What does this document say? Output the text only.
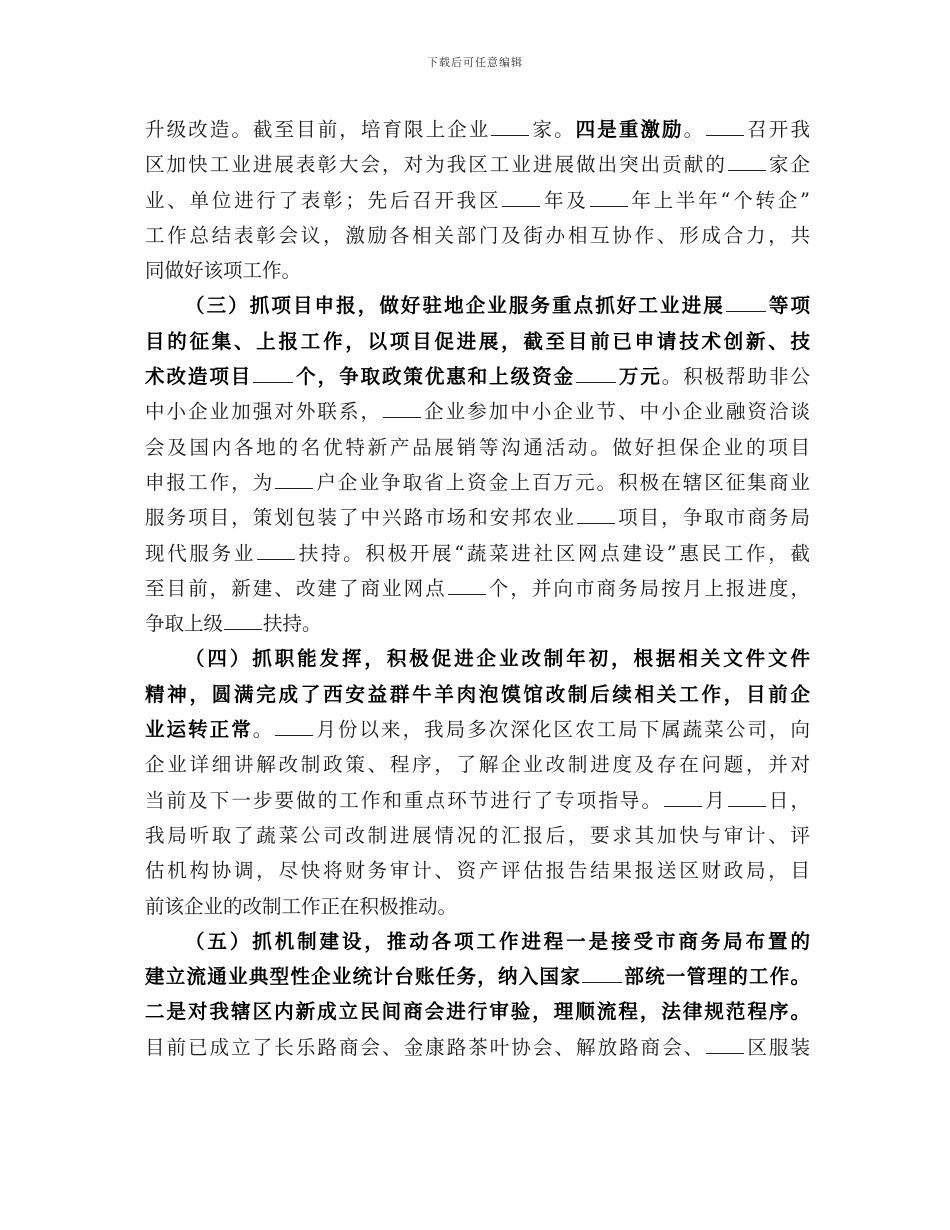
下载后可任意编辑
升级改造。截至目前，培育限上企业 家。四是重激励。 召开我
区加快工业进展表彰大会，对为我区工业进展做出突出贡献的 家企
业、单位进行了表彰；先后召开我区 年及 年上半年“个转企”
工作总结表彰会议，激励各相关部门及街办相互协作、形成合力，共
同做好该项工作。
（三）抓项目申报，做好驻地企业服务重点抓好工业进展 等项
目的征集、上报工作，以项目促进展，截至目前已申请技术创新、技
术改造项目 个，争取政策优惠和上级资金 万元。积极帮助非公
中小企业加强对外联系， 企业参加中小企业节、中小企业融资洽谈
会及国内各地的名优特新产品展销等沟通活动。做好担保企业的项目
申报工作，为 户企业争取省上资金上百万元。积极在辖区征集商业
服务项目，策划包装了中兴路市场和安邦农业 项目，争取市商务局
现代服务业 扶持。积极开展“蔬菜进社区网点建设”惠民工作，截
至目前，新建、改建了商业网点 个，并向市商务局按月上报进度，
争取上级 扶持。
（四）抓职能发挥，积极促进企业改制年初，根据相关文件文件
精神，圆满完成了西安益群牛羊肉泡馍馆改制后续相关工作，目前企
业运转正常。 月份以来，我局多次深化区农工局下属蔬菜公司，向
企业详细讲解改制政策、程序，了解企业改制进度及存在问题，并对
当前及下一步要做的工作和重点环节进行了专项指导。 月 日，
我局听取了蔬菜公司改制进展情况的汇报后，要求其加快与审计、评
估机构协调，尽快将财务审计、资产评估报告结果报送区财政局，目
前该企业的改制工作正在积极推动。
（五）抓机制建设，推动各项工作进程一是接受市商务局布置的
建立流通业典型性企业统计台账任务，纳入国家 部统一管理的工作。
二是对我辖区内新成立民间商会进行审验，理顺流程，法律规范程序。
目前已成立了长乐路商会、金康路茶叶协会、解放路商会、 区服装
